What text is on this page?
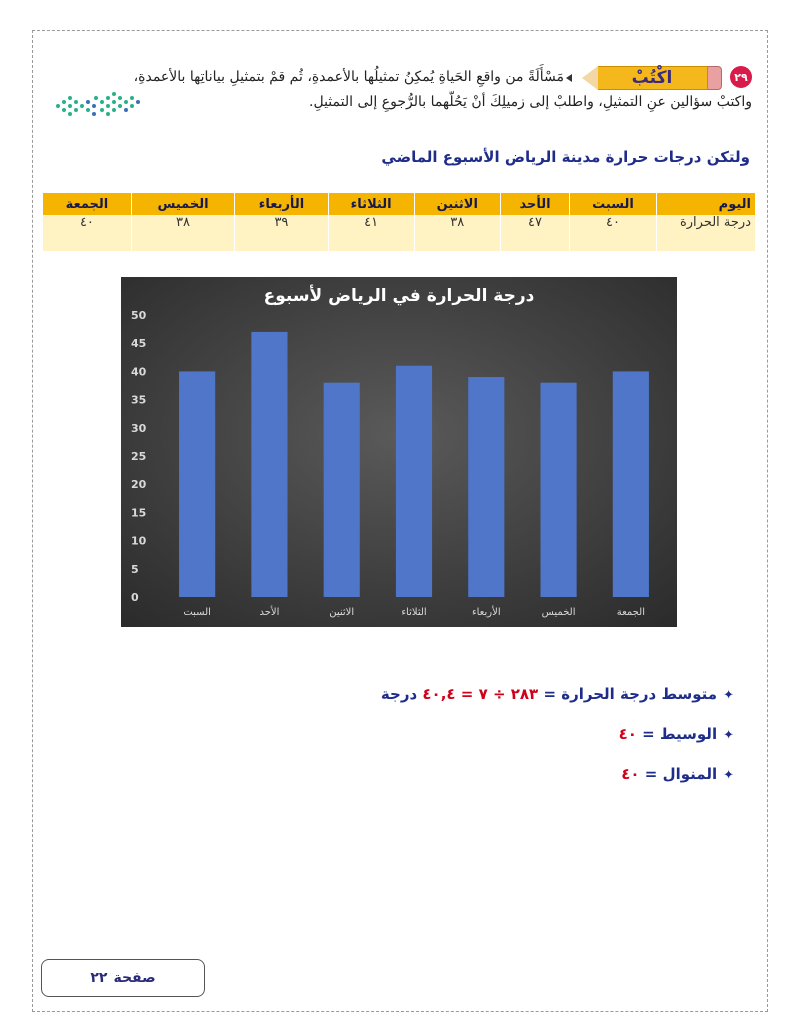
٢٩
اكْتُبْ
مَسْأَلَةً من واقعِ الحَياةِ يُمكِنُ تمثيلُها بالأعمدةِ، ثُم قمْ بتمثيلِ بياناتِها بالأعمدةِ،
واكتبْ سؤالين عنِ التمثيلِ، واطلبْ إلى زميلِكَ أنْ يَحُلّهما بالرُّجوعِ إلى التمثيلِ.
ولتكن درجات حرارة مدينة الرياض الأسبوع الماضي
اليوم	السبت	الأحد	الاثنين	الثلاثاء	الأربعاء	الخميس	الجمعة
درجة الحرارة	٤٠	٤٧	٣٨	٤١	٣٩	٣٨	٤٠
درجة الحرارة في الرياض لأسبوع
0
5
10
15
20
25
30
35
40
45
50
السبت	الأحد	الاثنين	الثلاثاء	الأربعاء	الخميس	الجمعة
✦متوسط درجة الحرارة = ٢٨٣ ÷ ٧ = ٤٠,٤ درجة
✦الوسيط = ٤٠
✦المنوال = ٤٠
صفحة
٢٢
